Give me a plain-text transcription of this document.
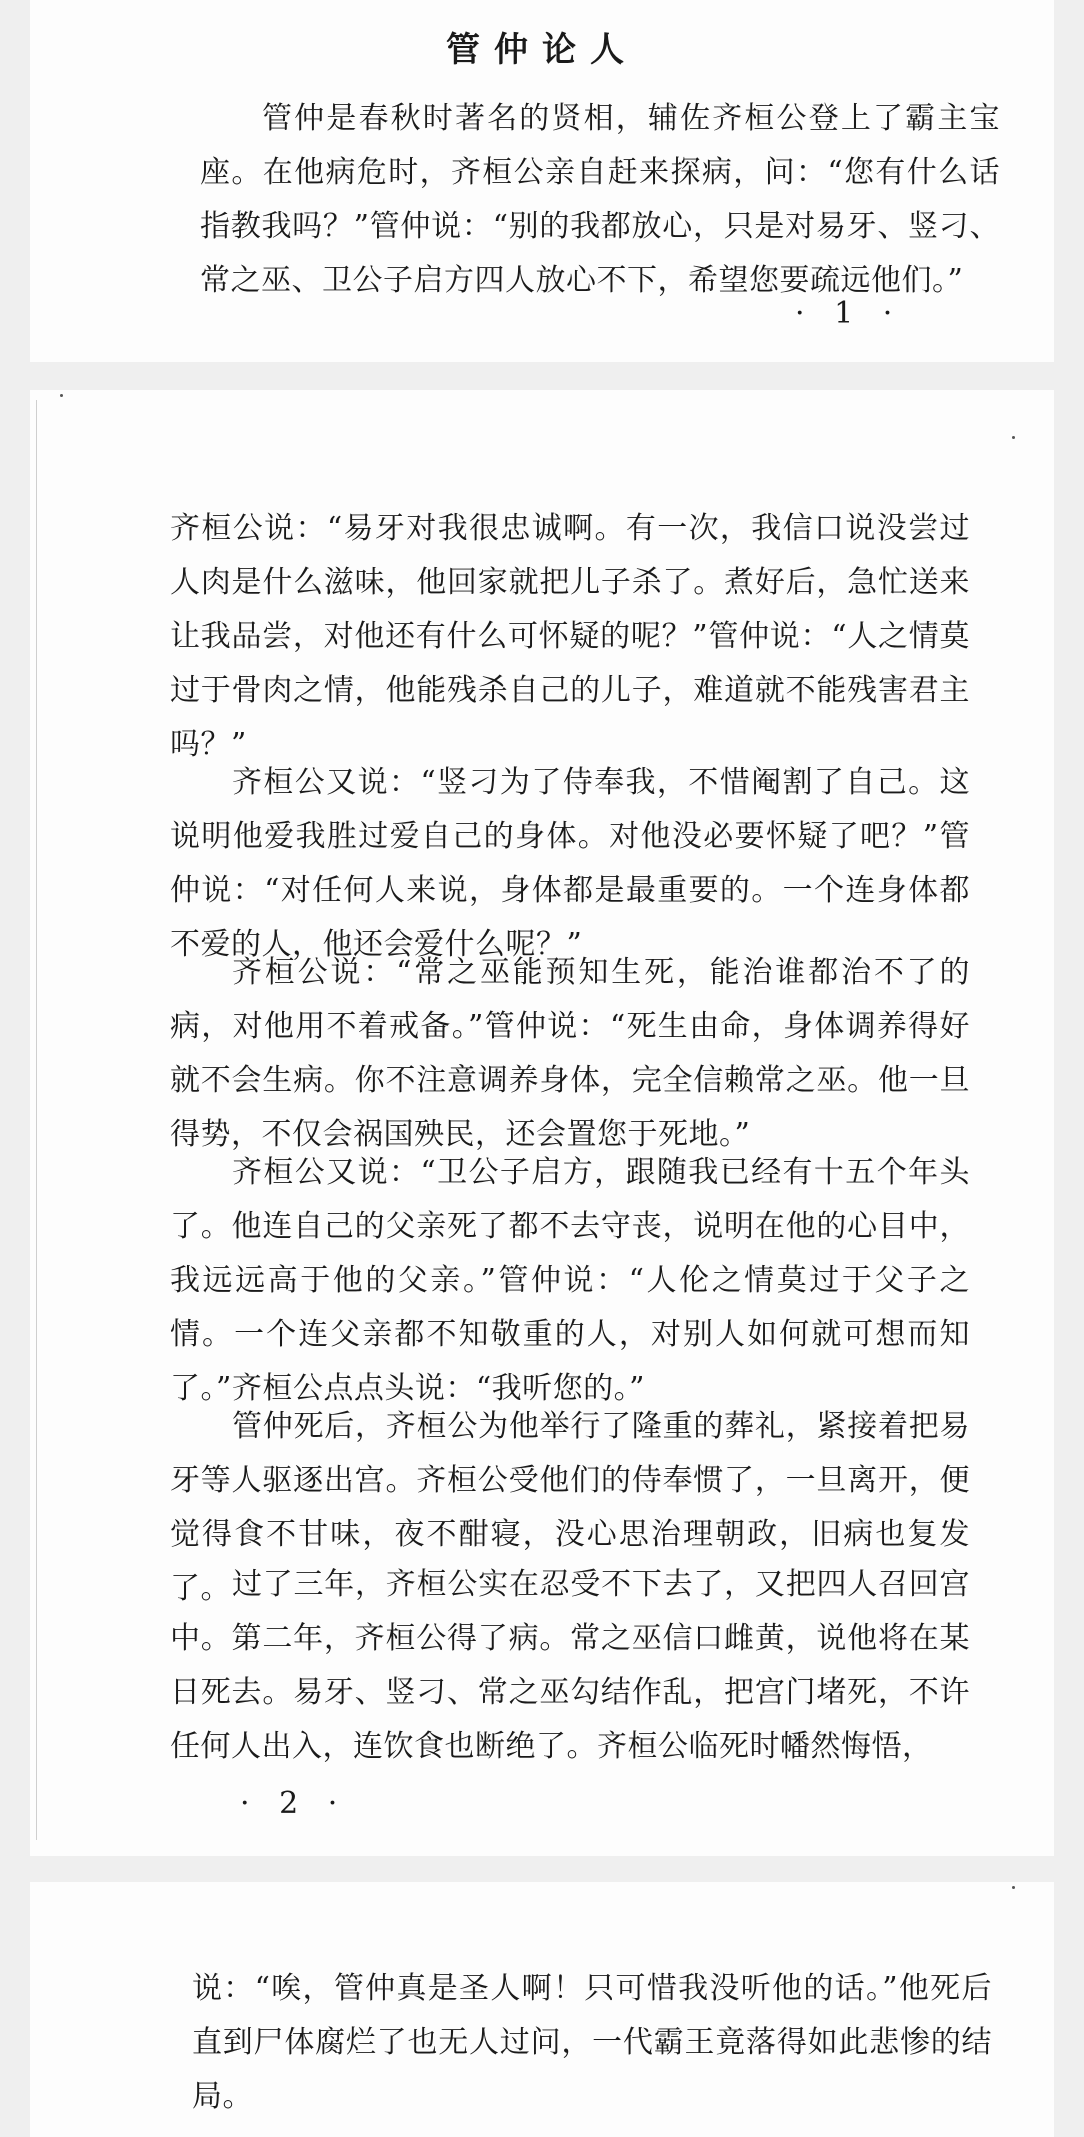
管仲论人

管仲是春秋时著名的贤相，辅佐齐桓公登上了霸主宝座。在他病危时，齐桓公亲自赶来探病，问：“您有什么话指教我吗？”管仲说：“别的我都放心，只是对易牙、竖刁、常之巫、卫公子启方四人放心不下，希望您要疏远他们。”

· 1 ·

齐桓公说：“易牙对我很忠诚啊。有一次，我信口说没尝过人肉是什么滋味，他回家就把儿子杀了。煮好后，急忙送来让我品尝，对他还有什么可怀疑的呢？”管仲说：“人之情莫过于骨肉之情，他能残杀自己的儿子，难道就不能残害君主吗？”

齐桓公又说：“竖刁为了侍奉我，不惜阉割了自己。这说明他爱我胜过爱自己的身体。对他没必要怀疑了吧？”管仲说：“对任何人来说，身体都是最重要的。一个连身体都不爱的人，他还会爱什么呢？”

齐桓公说：“常之巫能预知生死，能治谁都治不了的病，对他用不着戒备。”管仲说：“死生由命，身体调养得好就不会生病。你不注意调养身体，完全信赖常之巫。他一旦得势，不仅会祸国殃民，还会置您于死地。”

齐桓公又说：“卫公子启方，跟随我已经有十五个年头了。他连自己的父亲死了都不去守丧，说明在他的心目中，我远远高于他的父亲。”管仲说：“人伦之情莫过于父子之情。一个连父亲都不知敬重的人，对别人如何就可想而知了。”齐桓公点点头说：“我听您的。”

管仲死后，齐桓公为他举行了隆重的葬礼，紧接着把易牙等人驱逐出宫。齐桓公受他们的侍奉惯了，一旦离开，便觉得食不甘味，夜不酣寝，没心思治理朝政，旧病也复发了。 过了三年，齐桓公实在忍受不下去了，又把四人召回宫中。第二年，齐桓公得了病。常之巫信口雌黄，说他将在某日死去。易牙、竖刁、常之巫勾结作乱，把宫门堵死，不许任何人出入，连饮食也断绝了。齐桓公临死时幡然悔悟，

· 2 ·

说：“唉，管仲真是圣人啊！只可惜我没听他的话。”他死后直到尸体腐烂了也无人过问，一代霸王竟落得如此悲惨的结局。
